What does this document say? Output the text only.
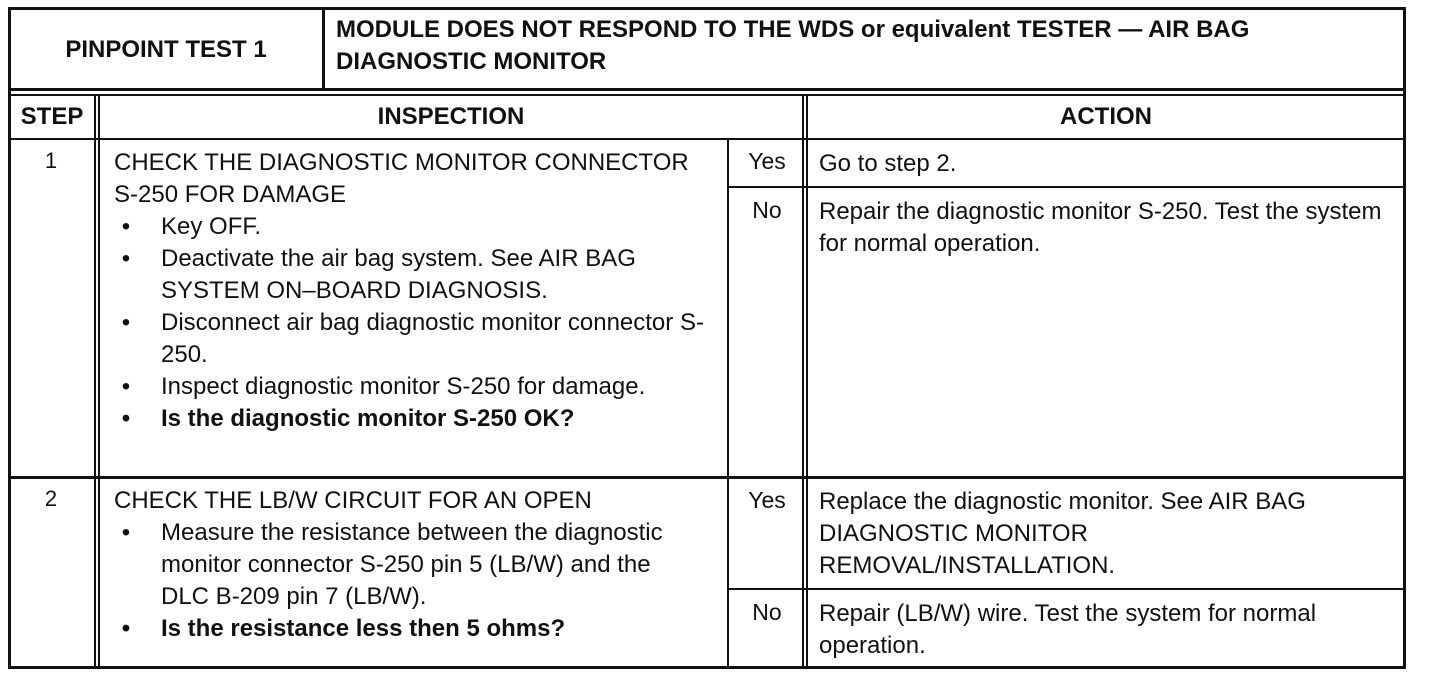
PINPOINT TEST 1
MODULE DOES NOT RESPOND TO THE WDS or equivalent TESTER — AIR BAG DIAGNOSTIC MONITOR
STEP	INSPECTION	ACTION
1	CHECK THE DIAGNOSTIC MONITOR CONNECTOR S-250 FOR DAMAGE
• Key OFF.
• Deactivate the air bag system. See AIR BAG SYSTEM ON–BOARD DIAGNOSIS.
• Disconnect air bag diagnostic monitor connector S-250.
• Inspect diagnostic monitor S-250 for damage.
• Is the diagnostic monitor S-250 OK?
Yes	Go to step 2.
No	Repair the diagnostic monitor S-250. Test the system for normal operation.
2	CHECK THE LB/W CIRCUIT FOR AN OPEN
• Measure the resistance between the diagnostic monitor connector S-250 pin 5 (LB/W) and the DLC B-209 pin 7 (LB/W).
• Is the resistance less then 5 ohms?
Yes	Replace the diagnostic monitor. See AIR BAG DIAGNOSTIC MONITOR REMOVAL/INSTALLATION.
No	Repair (LB/W) wire. Test the system for normal operation.
